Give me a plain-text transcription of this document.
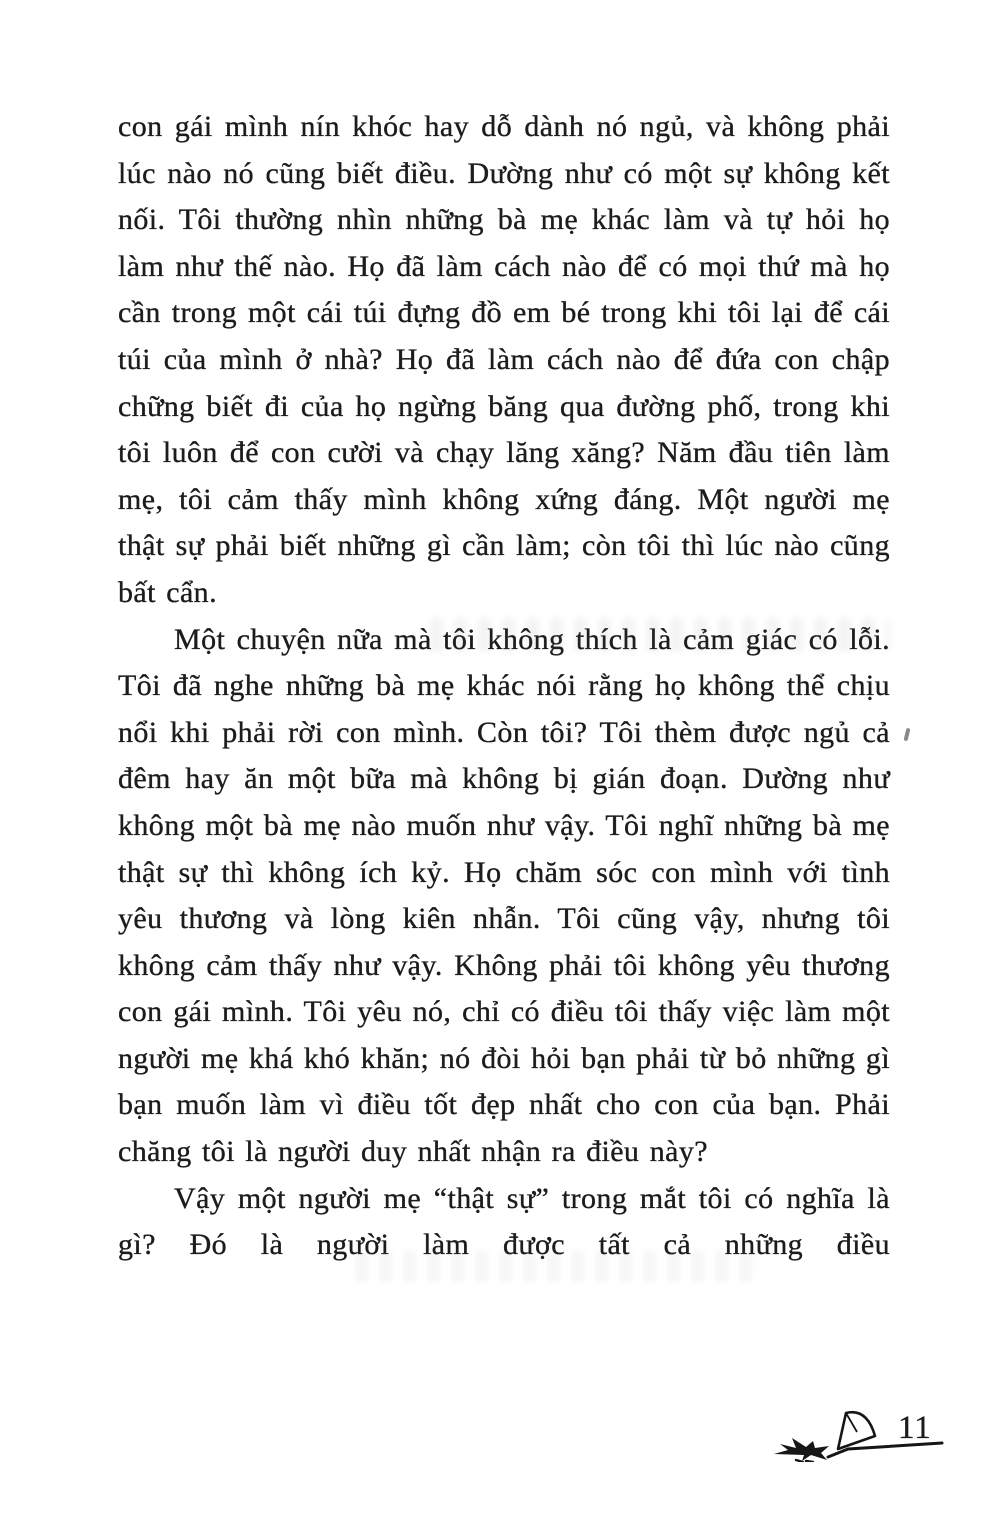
con gái mình nín khóc hay dỗ dành nó ngủ, và không phải lúc nào nó cũng biết điều. Dường như có một sự không kết nối. Tôi thường nhìn những bà mẹ khác làm và tự hỏi họ làm như thế nào. Họ đã làm cách nào để có mọi thứ mà họ cần trong một cái túi đựng đồ em bé trong khi tôi lại để cái túi của mình ở nhà? Họ đã làm cách nào để đứa con chập chững biết đi của họ ngừng băng qua đường phố, trong khi tôi luôn để con cười và chạy lăng xăng? Năm đầu tiên làm mẹ, tôi cảm thấy mình không xứng đáng. Một người mẹ thật sự phải biết những gì cần làm; còn tôi thì lúc nào cũng bất cẩn.

Một chuyện nữa mà tôi không thích là cảm giác có lỗi. Tôi đã nghe những bà mẹ khác nói rằng họ không thể chịu nổi khi phải rời con mình. Còn tôi? Tôi thèm được ngủ cả đêm hay ăn một bữa mà không bị gián đoạn. Dường như không một bà mẹ nào muốn như vậy. Tôi nghĩ những bà mẹ thật sự thì không ích kỷ. Họ chăm sóc con mình với tình yêu thương và lòng kiên nhẫn. Tôi cũng vậy, nhưng tôi không cảm thấy như vậy. Không phải tôi không yêu thương con gái mình. Tôi yêu nó, chỉ có điều tôi thấy việc làm một người mẹ khá khó khăn; nó đòi hỏi bạn phải từ bỏ những gì bạn muốn làm vì điều tốt đẹp nhất cho con của bạn. Phải chăng tôi là người duy nhất nhận ra điều này?

Vậy một người mẹ “thật sự” trong mắt tôi có nghĩa là gì? Đó là người làm được tất cả những điều

11
